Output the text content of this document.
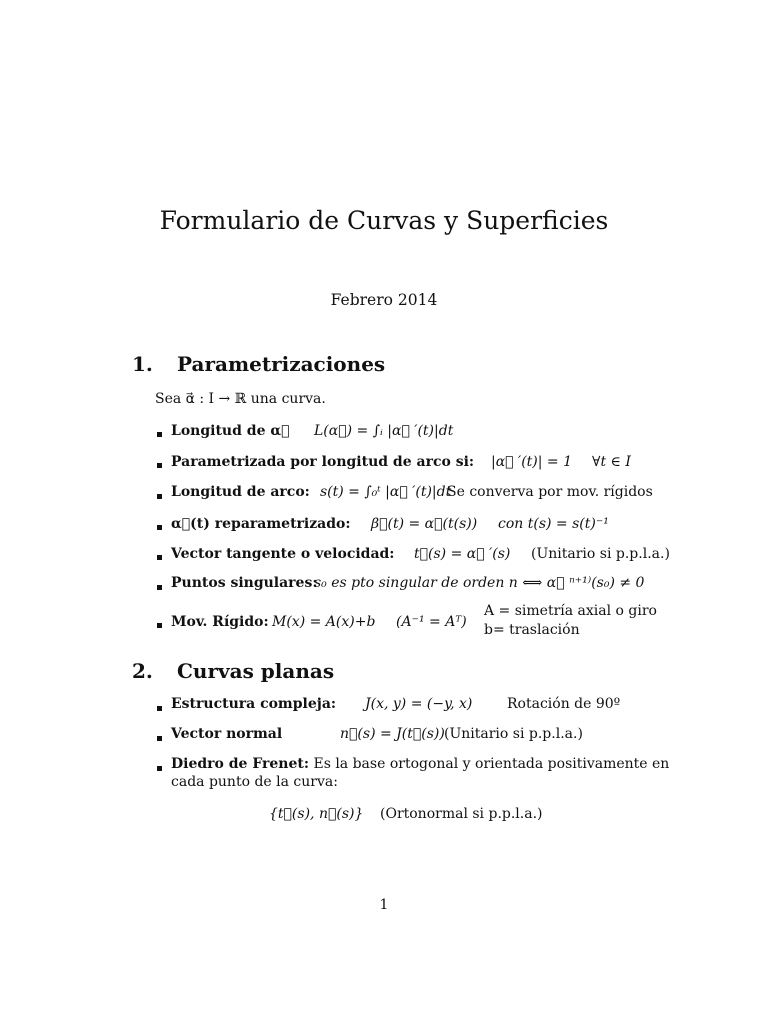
Formulario de Curvas y Superficies
Febrero 2014
1. Parametrizaciones
Sea α⃗ : I → ℝ una curva.
Longitud de α⃗ L(α⃗) = ∫ᵢ |α⃗ ′(t)|dt
Parametrizada por longitud de arco si: |α⃗ ′(t)| = 1 ∀t ∈ I
Longitud de arco: s(t) = ∫₀ᵗ |α⃗ ′(t)|dt
Se converva por mov. rígidos
α⃗(t) reparametrizado: β⃗(t) = α⃗(t(s)) con t(s) = s(t)⁻¹
Vector tangente o velocidad: t⃗(s) = α⃗ ′(s) (Unitario si p.p.l.a.)
Puntos singulares:
s₀ es pto singular de orden n ⟺ α⃗ ⁿ⁺¹⁾(s₀) ≠ 0
Mov. Rígido: M(x) = A(x)+b (A⁻¹ = Aᵀ)
A = simetría axial o giro
b= traslación
2. Curvas planas
Estructura compleja: J(x, y) = (−y, x) Rotación de 90º
Vector normal	n⃗(s) = J(t⃗(s)) (Unitario si p.p.l.a.)
Diedro de Frenet: Es la base ortogonal y orientada positivamente en
cada punto de la curva:
{t⃗(s), n⃗(s)} (Ortonormal si p.p.l.a.)
1
